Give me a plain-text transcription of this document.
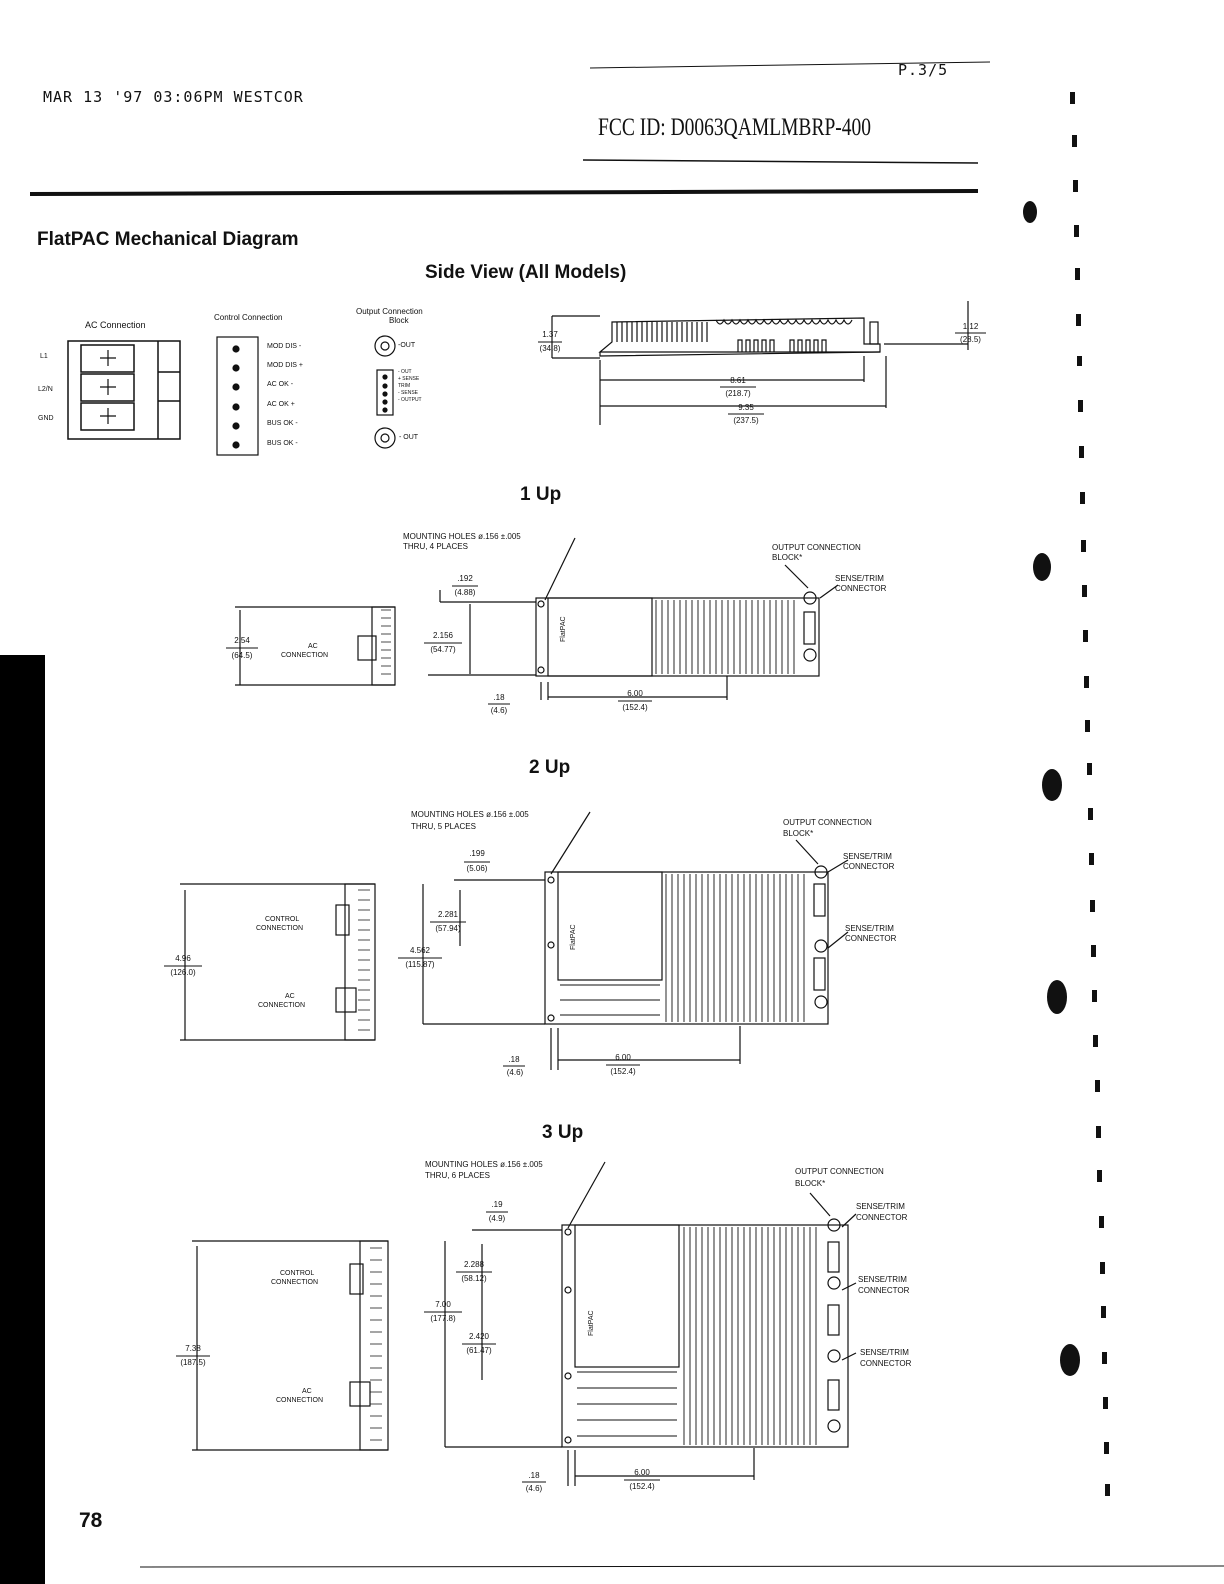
MAR 13 '97 03:06PM WESTCOR
P.3/5
FCC ID: D0063QAMLMBRP-400
FlatPAC Mechanical Diagram
Side View (All Models)
AC Connection
L1
L2/N
GND
Control Connection
MOD DIS -
MOD DIS +
AC OK -
AC OK +
BUS OK -
BUS OK -
Output Connection
Block
-OUT
- OUT
+ SENSE
TRIM
- SENSE
- OUTPUT
- OUT
1.37
(34.8)
1.12
(28.5)
8.61
(218.7)
9.35
(237.5)
1 Up
MOUNTING HOLES ø.156 ±.005
THRU, 4 PLACES	OUTPUT CONNECTION
BLOCK*
SENSE/TRIM
CONNECTOR
AC
CONNECTION
FlatPAC
2.54
(64.5)
.192
(4.88)
2.156
(54.77)
.18
(4.6)
6.00
(152.4)
2 Up
MOUNTING HOLES ø.156 ±.005
THRU, 5 PLACES	OUTPUT CONNECTION
BLOCK*
SENSE/TRIM
CONNECTOR
SENSE/TRIM
CONNECTOR
CONTROL
CONNECTION
AC
CONNECTION
FlatPAC
4.96
(126.0)
.199
(5.06)
2.281
(57.94)
4.562
(115.87)
.18
(4.6)
6.00
(152.4)
3 Up
MOUNTING HOLES ø.156 ±.005
THRU, 6 PLACES	OUTPUT CONNECTION
BLOCK*
SENSE/TRIM
CONNECTOR
SENSE/TRIM
CONNECTOR
SENSE/TRIM
CONNECTOR
CONTROL
CONNECTION
AC
CONNECTION
FlatPAC
7.38
(187.5)
.19
(4.9)
2.288
(58.12)
7.00
(177.8)
2.420
(61.47)
.18
(4.6)
6.00
(152.4)
78
